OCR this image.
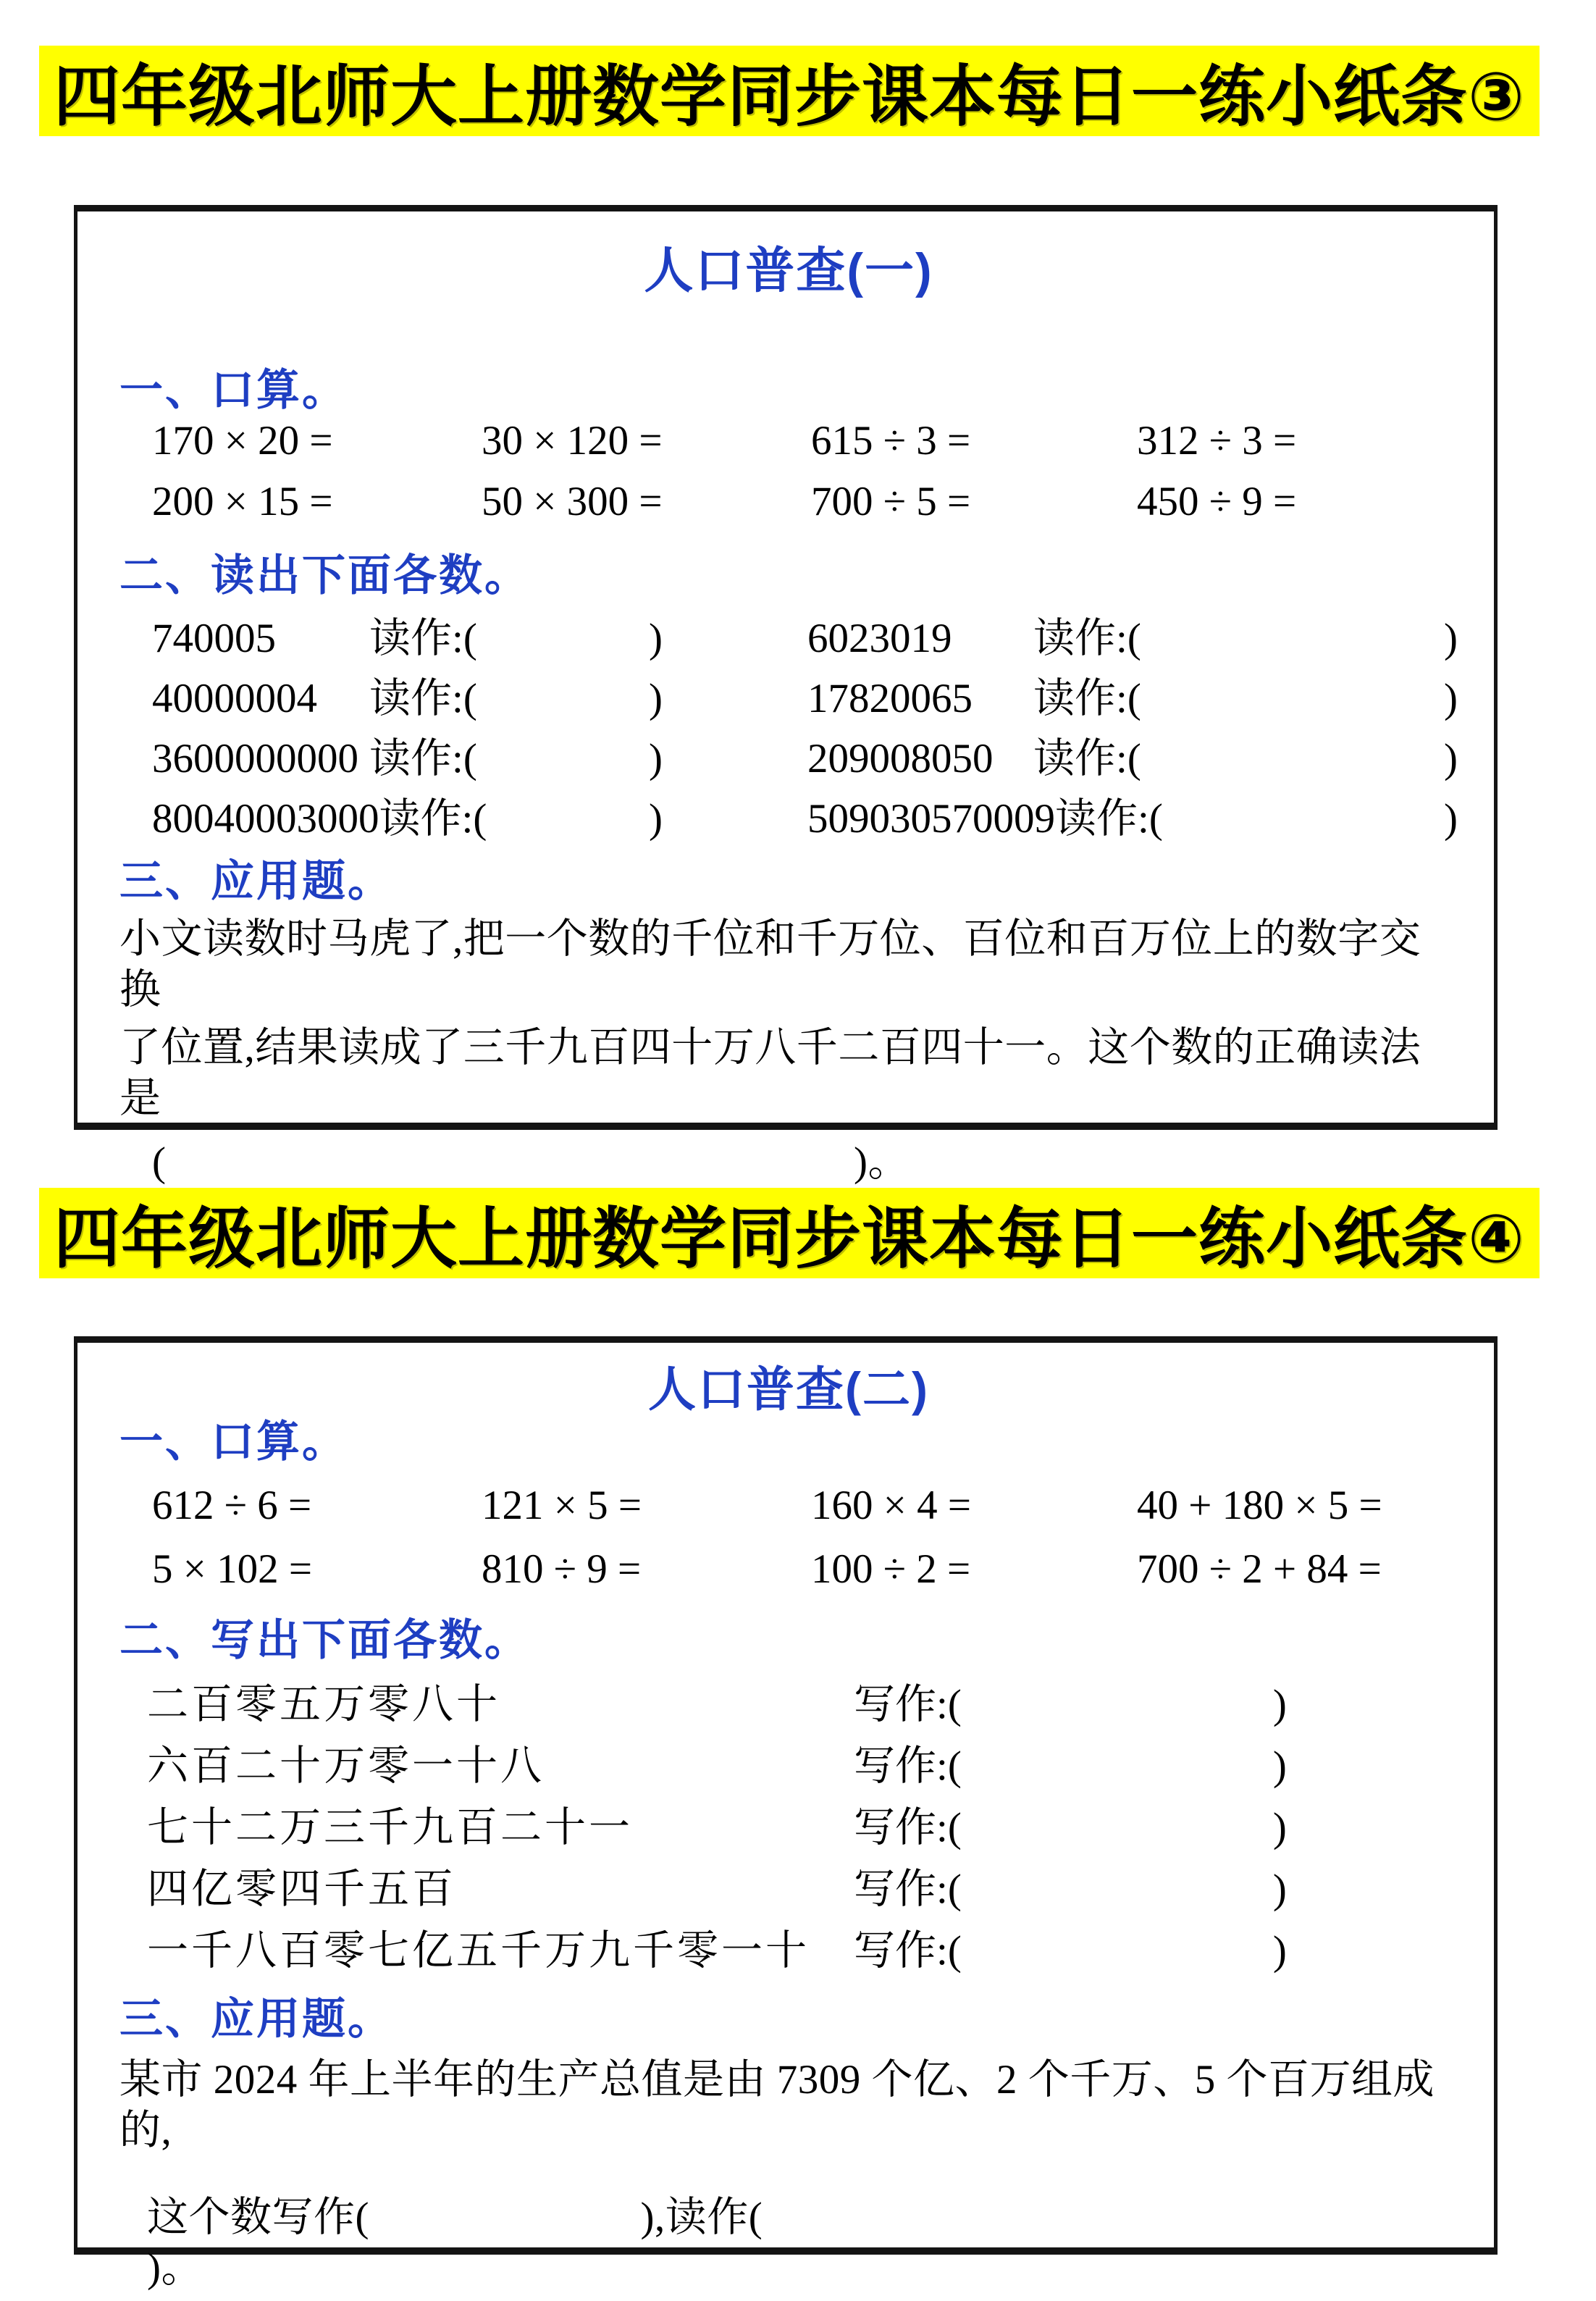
四年级北师大上册数学同步课本每日一练小纸条③
人口普查(一)
一、口算。
170 × 20 =	30 × 120 =	615 ÷ 3 =	312 ÷ 3 =
200 × 15 =	50 × 300 =	700 ÷ 5 =	450 ÷ 9 =
二、读出下面各数。
740005	读作:(	)	6023019	读作:(	)
40000004	读作:(	)	17820065	读作:(	)
3600000000 读作:(	)	209008050 读作:(	)
80040003000 读作:(	)	509030570009 读作:(	)
三、应用题。
小文读数时马虎了,把一个数的千位和千万位、百位和百万位上的数字交换
了位置,结果读成了三千九百四十万八千二百四十一。这个数的正确读法是
(	)。
四年级北师大上册数学同步课本每日一练小纸条④
人口普查(二)
一、口算。
612 ÷ 6 =	121 × 5 =	160 × 4 =	40 + 180 × 5 =
5 × 102 =	810 ÷ 9 =	100 ÷ 2 =	700 ÷ 2 + 84 =
二、写出下面各数。
二百零五万零八十	写作:(	)
六百二十万零一十八	写作:(	)
七十二万三千九百二十一	写作:(	)
四亿零四千五百	写作:(	)
一千八百零七亿五千万九千零一十	写作:(	)
三、应用题。
某市 2024 年上半年的生产总值是由 7309 个亿、2 个千万、5 个百万组成的,
这个数写作(	),读作(  )。
